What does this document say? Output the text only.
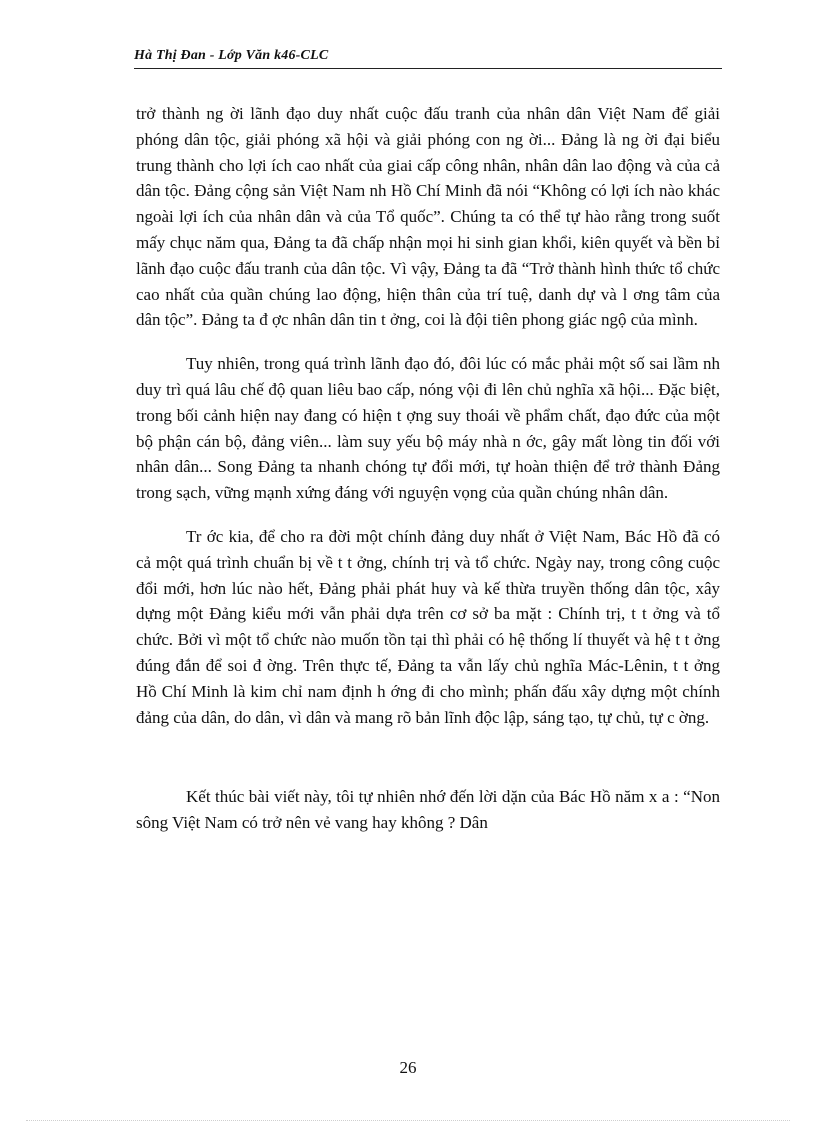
Hà Thị Đan - Lớp Văn k46-CLC

trở thành ng ời lãnh đạo duy nhất cuộc đấu tranh của nhân dân Việt Nam để giải phóng dân tộc, giải phóng xã hội và giải phóng con ng ời... Đảng là ng ời đại biểu trung thành cho lợi ích cao nhất của giai cấp công nhân, nhân dân lao động và của cả dân tộc. Đảng cộng sản Việt Nam nh Hồ Chí Minh đã nói “Không có lợi ích nào khác ngoài lợi ích của nhân dân và của Tổ quốc”. Chúng ta có thể tự hào rằng trong suốt mấy chục năm qua, Đảng ta đã chấp nhận mọi hi sinh gian khổi, kiên quyết và bền bỉ lãnh đạo cuộc đấu tranh của dân tộc. Vì vậy, Đảng ta đã “Trở thành hình thức tổ chức cao nhất của quần chúng lao động, hiện thân của trí tuệ, danh dự và l ơng tâm của dân tộc”. Đảng ta đ ợc nhân dân tin t ởng, coi là đội tiên phong giác ngộ của mình.

Tuy nhiên, trong quá trình lãnh đạo đó, đôi lúc có mắc phải một số sai lầm nh duy trì quá lâu chế độ quan liêu bao cấp, nóng vội đi lên chủ nghĩa xã hội... Đặc biệt, trong bối cảnh hiện nay đang có hiện t ợng suy thoái về phẩm chất, đạo đức của một bộ phận cán bộ, đảng viên... làm suy yếu bộ máy nhà n ớc, gây mất lòng tin đối với nhân dân... Song Đảng ta nhanh chóng tự đổi mới, tự hoàn thiện để trở thành Đảng trong sạch, vững mạnh xứng đáng với nguyện vọng của quần chúng nhân dân.

Tr ớc kia, để cho ra đời một chính đảng duy nhất ở Việt Nam, Bác Hồ đã có cả một quá trình chuẩn bị về t t ởng, chính trị và tổ chức. Ngày nay, trong công cuộc đổi mới, hơn lúc nào hết, Đảng phải phát huy và kế thừa truyền thống dân tộc, xây dựng một Đảng kiểu mới vẫn phải dựa trên cơ sở ba mặt : Chính trị, t t ởng và tổ chức. Bởi vì một tổ chức nào muốn tồn tại thì phải có hệ thống lí thuyết và hệ t t ởng đúng đắn để soi đ ờng. Trên thực tế, Đảng ta vẫn lấy chủ nghĩa Mác-Lênin, t t ởng Hồ Chí Minh là kim chỉ nam định h ớng đi cho mình; phấn đấu xây dựng một chính đảng của dân, do dân, vì dân và mang rõ bản lĩnh độc lập, sáng tạo, tự chủ, tự c ờng.

Kết thúc bài viết này, tôi tự nhiên nhớ đến lời dặn của Bác Hồ năm x a : “Non sông Việt Nam có trở nên vẻ vang hay không ? Dân

26
